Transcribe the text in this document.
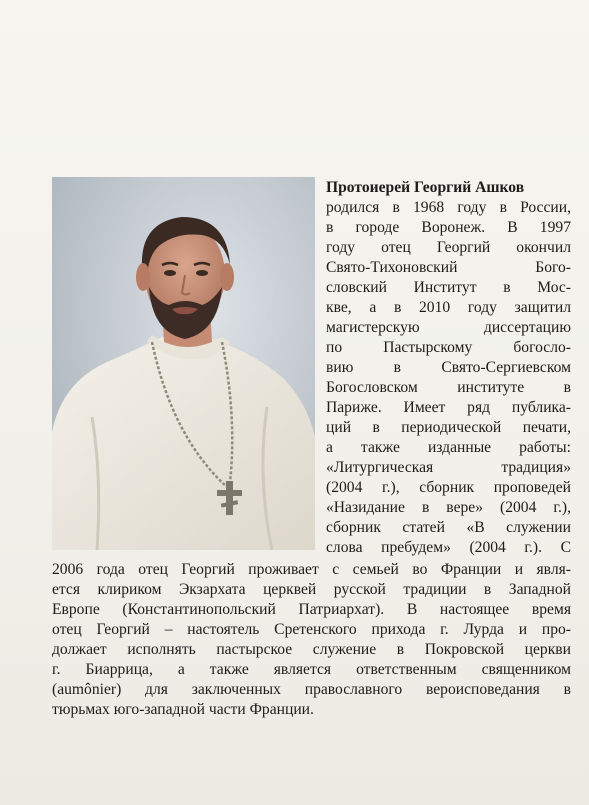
Протоиерей Георгий Ашков
родился в 1968 году в России,
в городе Воронеж. В 1997
году отец Георгий окончил
Свято-Тихоновский Бого-
словский Институт в Мос-
кве, а в 2010 году защитил
магистерскую диссертацию
по Пастырскому богосло-
вию в Свято-Сергиевском
Богословском институте в
Париже. Имеет ряд публика-
ций в периодической печати,
а также изданные работы:
«Литургическая традиция»
(2004 г.), сборник проповедей
«Назидание в вере» (2004 г.),
сборник статей «В служении
слова пребудем» (2004 г.). С
2006 года отец Георгий проживает с семьей во Франции и явля-
ется клириком Экзархата церквей русской традиции в Западной
Европе (Константинопольский Патриархат). В настоящее время
отец Георгий – настоятель Сретенского прихода г. Лурда и про-
должает исполнять пастырское служение в Покровской церкви
г. Биаррица, а также является ответственным священником
(aumônier) для заключенных православного вероисповедания в
тюрьмах юго-западной части Франции.
